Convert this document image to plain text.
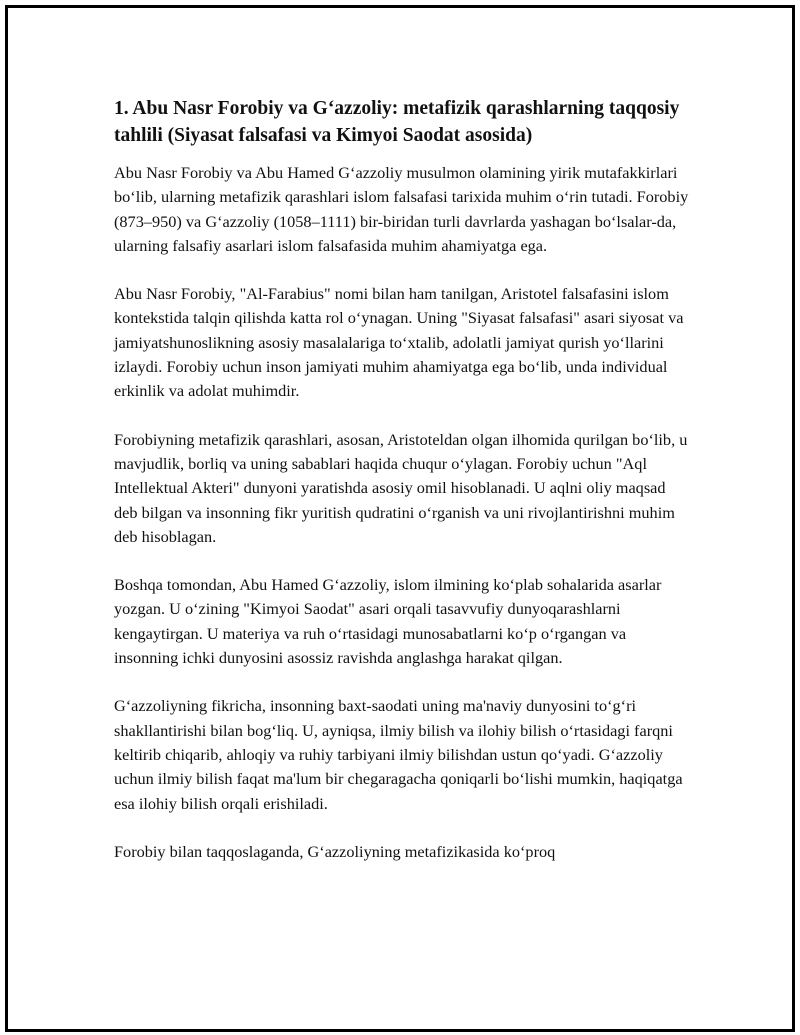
1. Abu Nasr Forobiy va Gʻazzoliy: metafizik qarashlarning taqqosiy tahlili (Siyasat falsafasi va Kimyoi Saodat asosida)

Abu Nasr Forobiy va Abu Hamed Gʻazzoliy musulmon olamining yirik mutafakkirlari boʻlib, ularning metafizik qarashlari islom falsafasi tarixida muhim oʻrin tutadi. Forobiy (873–950) va Gʻazzoliy (1058–1111) bir-biridan turli davrlarda yashagan boʻlsalar-da, ularning falsafiy asarlari islom falsafasida muhim ahamiyatga ega.

Abu Nasr Forobiy, "Al-Farabius" nomi bilan ham tanilgan, Aristotel falsafasini islom kontekstida talqin qilishda katta rol oʻynagan. Uning "Siyasat falsafasi" asari siyosat va jamiyatshunoslikning asosiy masalalariga toʻxtalib, adolatli jamiyat qurish yoʻllarini izlaydi. Forobiy uchun inson jamiyati muhim ahamiyatga ega boʻlib, unda individual erkinlik va adolat muhimdir.

Forobiyning metafizik qarashlari, asosan, Aristoteldan olgan ilhomida qurilgan boʻlib, u mavjudlik, borliq va uning sabablari haqida chuqur oʻylagan. Forobiy uchun "Aql Intellektual Akteri" dunyoni yaratishda asosiy omil hisoblanadi. U aqlni oliy maqsad deb bilgan va insonning fikr yuritish qudratini oʻrganish va uni rivojlantirishni muhim deb hisoblagan.

Boshqa tomondan, Abu Hamed Gʻazzoliy, islom ilmining koʻplab sohalarida asarlar yozgan. U oʻzining "Kimyoi Saodat" asari orqali tasavvufiy dunyoqarashlarni kengaytirgan. U materiya va ruh oʻrtasidagi munosabatlarni koʻp oʻrgangan va insonning ichki dunyosini asossiz ravishda anglashga harakat qilgan.

Gʻazzoliyning fikricha, insonning baxt-saodati uning ma'naviy dunyosini toʻgʻri shakllantirishi bilan bogʻliq. U, ayniqsa, ilmiy bilish va ilohiy bilish oʻrtasidagi farqni keltirib chiqarib, ahloqiy va ruhiy tarbiyani ilmiy bilishdan ustun qoʻyadi. Gʻazzoliy uchun ilmiy bilish faqat ma'lum bir chegaragacha qoniqarli boʻlishi mumkin, haqiqatga esa ilohiy bilish orqali erishiladi.

Forobiy bilan taqqoslaganda, Gʻazzoliyning metafizikasida koʻproq
